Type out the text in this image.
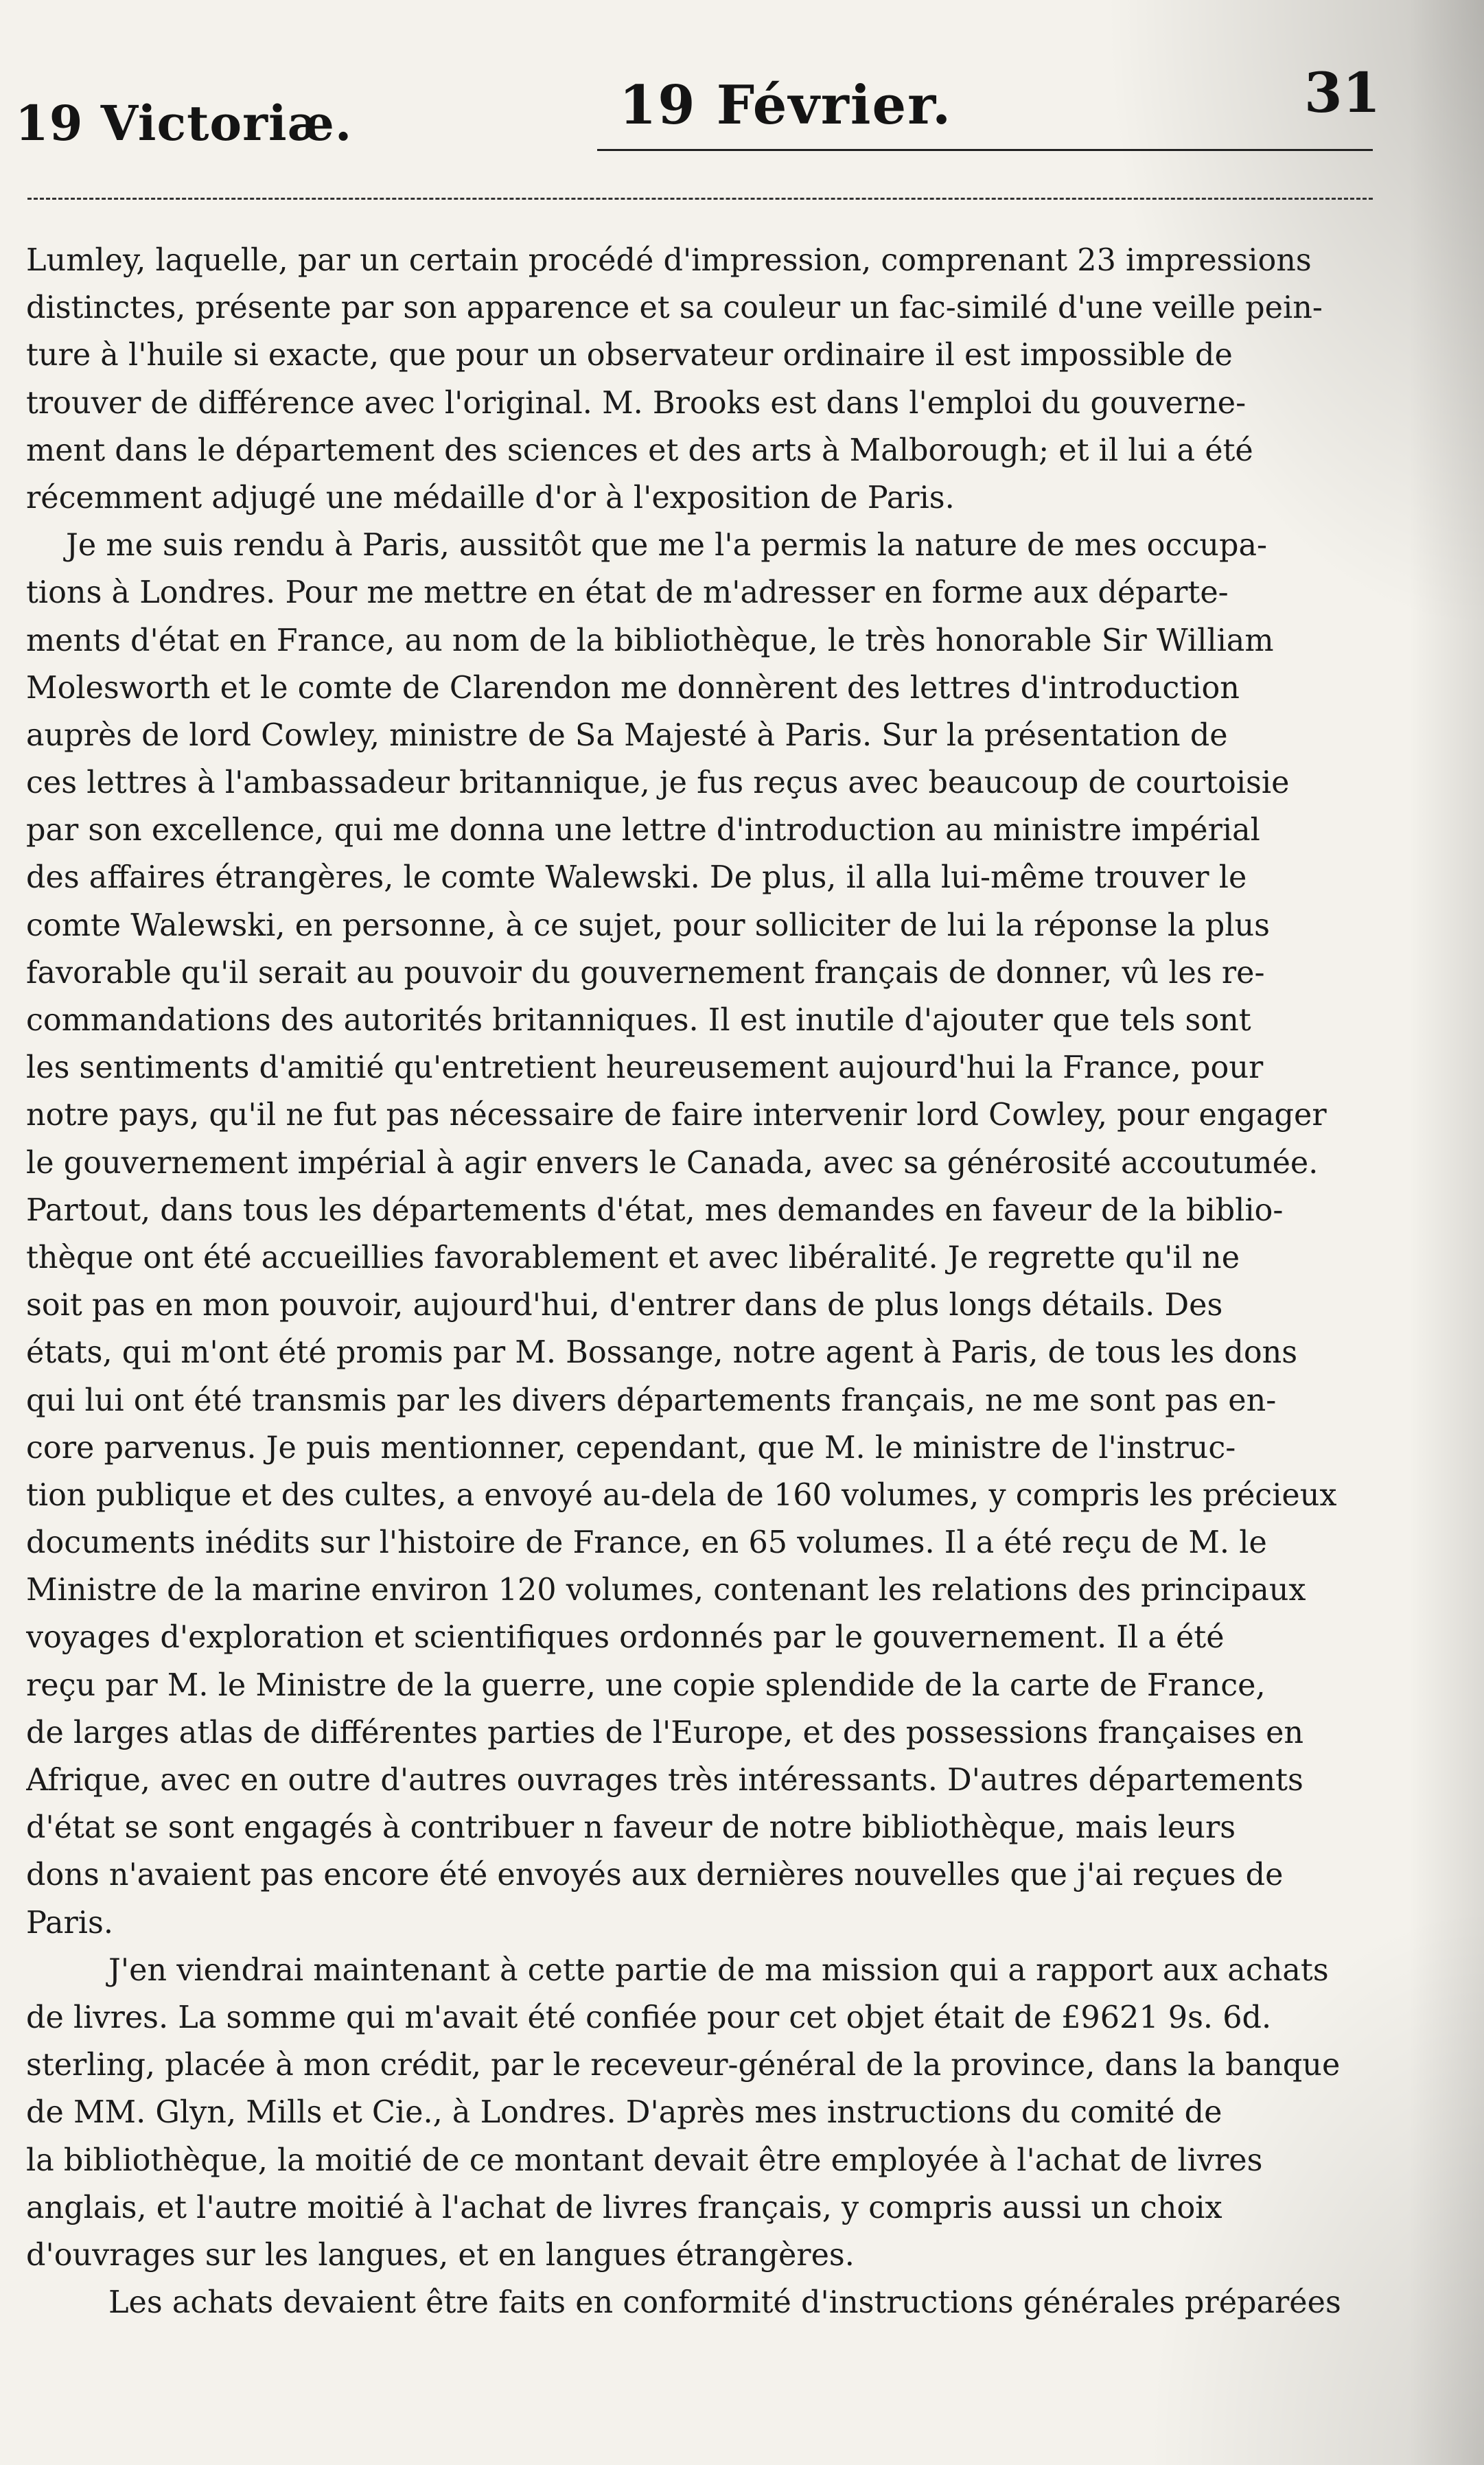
19 Victoriæ.	19 Février.	31
Lumley, laquelle, par un certain procédé d'impression, comprenant 23 impressions
distinctes, présente par son apparence et sa couleur un fac-similé d'une veille pein-
ture à l'huile si exacte, que pour un observateur ordinaire il est impossible de
trouver de différence avec l'original. M. Brooks est dans l'emploi du gouverne-
ment dans le département des sciences et des arts à Malborough; et il lui a été
récemment adjugé une médaille d'or à l'exposition de Paris.
Je me suis rendu à Paris, aussitôt que me l'a permis la nature de mes occupa-
tions à Londres. Pour me mettre en état de m'adresser en forme aux départe-
ments d'état en France, au nom de la bibliothèque, le très honorable Sir William
Molesworth et le comte de Clarendon me donnèrent des lettres d'introduction
auprès de lord Cowley, ministre de Sa Majesté à Paris. Sur la présentation de
ces lettres à l'ambassadeur britannique, je fus reçus avec beaucoup de courtoisie
par son excellence, qui me donna une lettre d'introduction au ministre impérial
des affaires étrangères, le comte Walewski. De plus, il alla lui-même trouver le
comte Walewski, en personne, à ce sujet, pour solliciter de lui la réponse la plus
favorable qu'il serait au pouvoir du gouvernement français de donner, vû les re-
commandations des autorités britanniques. Il est inutile d'ajouter que tels sont
les sentiments d'amitié qu'entretient heureusement aujourd'hui la France, pour
notre pays, qu'il ne fut pas nécessaire de faire intervenir lord Cowley, pour engager
le gouvernement impérial à agir envers le Canada, avec sa générosité accoutumée.
Partout, dans tous les départements d'état, mes demandes en faveur de la biblio-
thèque ont été accueillies favorablement et avec libéralité. Je regrette qu'il ne
soit pas en mon pouvoir, aujourd'hui, d'entrer dans de plus longs détails. Des
états, qui m'ont été promis par M. Bossange, notre agent à Paris, de tous les dons
qui lui ont été transmis par les divers départements français, ne me sont pas en-
core parvenus. Je puis mentionner, cependant, que M. le ministre de l'instruc-
tion publique et des cultes, a envoyé au-dela de 160 volumes, y compris les précieux
documents inédits sur l'histoire de France, en 65 volumes. Il a été reçu de M. le
Ministre de la marine environ 120 volumes, contenant les relations des principaux
voyages d'exploration et scientifiques ordonnés par le gouvernement. Il a été
reçu par M. le Ministre de la guerre, une copie splendide de la carte de France,
de larges atlas de différentes parties de l'Europe, et des possessions françaises en
Afrique, avec en outre d'autres ouvrages très intéressants. D'autres départements
d'état se sont engagés à contribuer n faveur de notre bibliothèque, mais leurs
dons n'avaient pas encore été envoyés aux dernières nouvelles que j'ai reçues de
Paris.
J'en viendrai maintenant à cette partie de ma mission qui a rapport aux achats
de livres. La somme qui m'avait été confiée pour cet objet était de £9621 9s. 6d.
sterling, placée à mon crédit, par le receveur-général de la province, dans la banque
de MM. Glyn, Mills et Cie., à Londres. D'après mes instructions du comité de
la bibliothèque, la moitié de ce montant devait être employée à l'achat de livres
anglais, et l'autre moitié à l'achat de livres français, y compris aussi un choix
d'ouvrages sur les langues, et en langues étrangères.
Les achats devaient être faits en conformité d'instructions générales préparées
